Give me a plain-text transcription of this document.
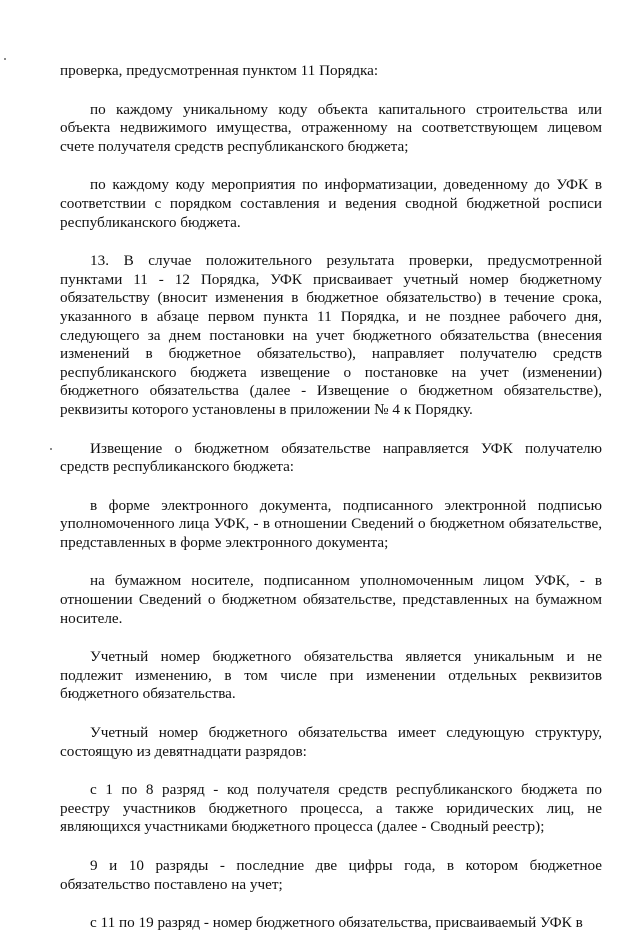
проверка, предусмотренная пунктом 11 Порядка:

по каждому уникальному коду объекта капитального строительства или объекта недвижимого имущества, отраженному на соответствующем лицевом счете получателя средств республиканского бюджета;

по каждому коду мероприятия по информатизации, доведенному до УФК в соответствии с порядком составления и ведения сводной бюджетной росписи республиканского бюджета.

13. В случае положительного результата проверки, предусмотренной пунктами 11 - 12 Порядка, УФК присваивает учетный номер бюджетному обязательству (вносит изменения в бюджетное обязательство) в течение срока, указанного в абзаце первом пункта 11 Порядка, и не позднее рабочего дня, следующего за днем постановки на учет бюджетного обязательства (внесения изменений в бюджетное обязательство), направляет получателю средств республиканского бюджета извещение о постановке на учет (изменении) бюджетного обязательства (далее - Извещение о бюджетном обязательстве), реквизиты которого установлены в приложении № 4 к Порядку.

Извещение о бюджетном обязательстве направляется УФК получателю средств республиканского бюджета:

в форме электронного документа, подписанного электронной подписью уполномоченного лица УФК, - в отношении Сведений о бюджетном обязательстве, представленных в форме электронного документа;

на бумажном носителе, подписанном уполномоченным лицом УФК, - в отношении Сведений о бюджетном обязательстве, представленных на бумажном носителе.

Учетный номер бюджетного обязательства является уникальным и не подлежит изменению, в том числе при изменении отдельных реквизитов бюджетного обязательства.

Учетный номер бюджетного обязательства имеет следующую структуру, состоящую из девятнадцати разрядов:

с 1 по 8 разряд - код получателя средств республиканского бюджета по реестру участников бюджетного процесса, а также юридических лиц, не являющихся участниками бюджетного процесса (далее - Сводный реестр);

9 и 10 разряды - последние две цифры года, в котором бюджетное обязательство поставлено на учет;

с 11 по 19 разряд - номер бюджетного обязательства, присваиваемый УФК в
